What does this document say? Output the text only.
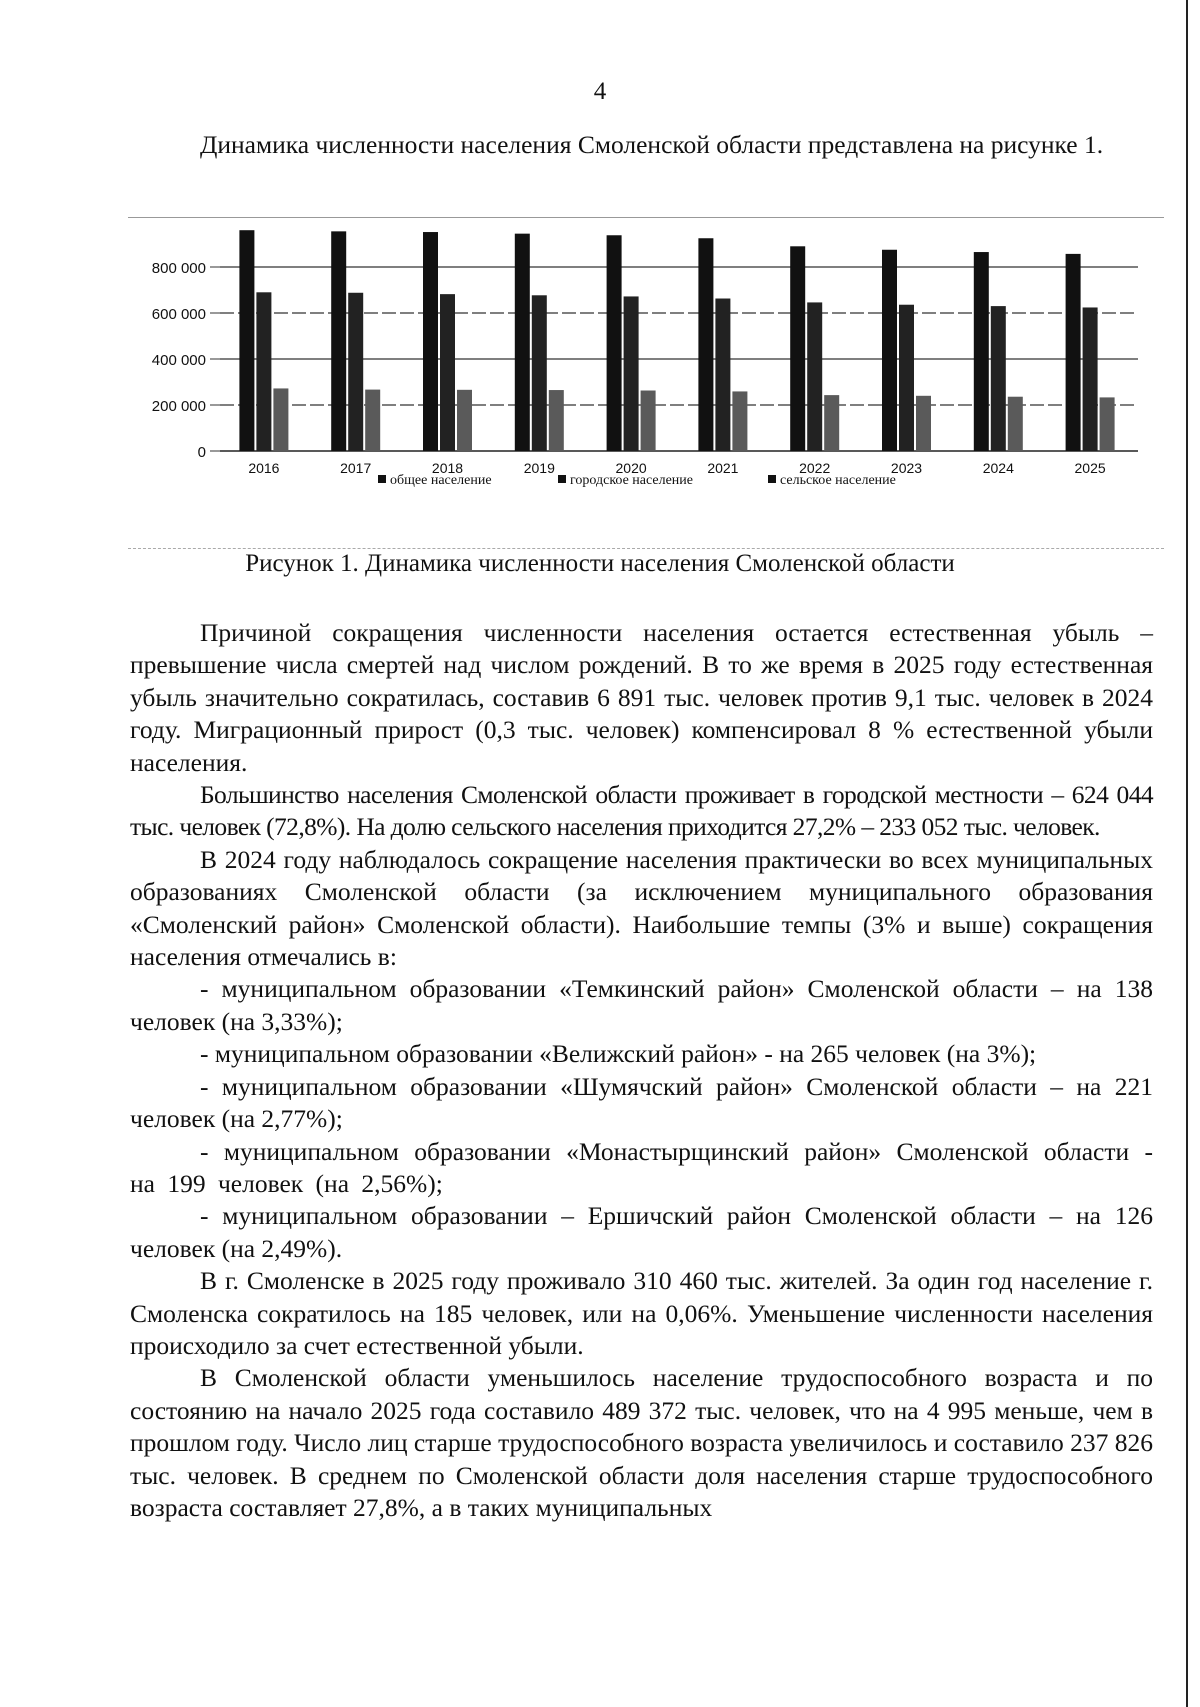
4

Динамика численности населения Смоленской области представлена на рисунке 1.

0
200 000
400 000
600 000
800 000
2016	2017	2018	2019	2020	2021	2022	2023	2024	2025
общее население	городское население	сельское население
Рисунок 1. Динамика численности населения Смоленской области

Причиной сокращения численности населения остается естественная убыль – превышение числа смертей над числом рождений. В то же время в 2025 году естественная убыль значительно сократилась, составив 6 891 тыс. человек против 9,1 тыс. человек в 2024 году. Миграционный прирост (0,3 тыс. человек) компенсировал 8 % естественной убыли населения.

Большинство населения Смоленской области проживает в городской местности – 624 044 тыс. человек (72,8%). На долю сельского населения приходится 27,2% – 233 052 тыс. человек.

В 2024 году наблюдалось сокращение населения практически во всех муниципальных образованиях Смоленской области (за исключением муниципального образования «Смоленский район» Смоленской области). Наибольшие темпы (3% и выше) сокращения населения отмечались в:

- муниципальном образовании «Темкинский район» Смоленской области – на 138 человек (на 3,33%);

- муниципальном образовании «Велижский район» - на 265 человек (на 3%);

- муниципальном образовании «Шумячский район» Смоленской области – на 221 человек (на 2,77%);

- муниципальном образовании «Монастырщинский район» Смоленской области - на 199 человек (на 2,56%);

- муниципальном образовании – Ершичский район Смоленской области – на 126 человек (на 2,49%).

В г. Смоленске в 2025 году проживало 310 460 тыс. жителей. За один год население г. Смоленска сократилось на 185 человек, или на 0,06%. Уменьшение численности населения происходило за счет естественной убыли.

В Смоленской области уменьшилось население трудоспособного возраста и по состоянию на начало 2025 года составило 489 372 тыс. человек, что на 4 995 меньше, чем в прошлом году. Число лиц старше трудоспособного возраста увеличилось и составило 237 826 тыс. человек. В среднем по Смоленской области доля населения старше трудоспособного возраста составляет 27,8%, а в таких муниципальных
